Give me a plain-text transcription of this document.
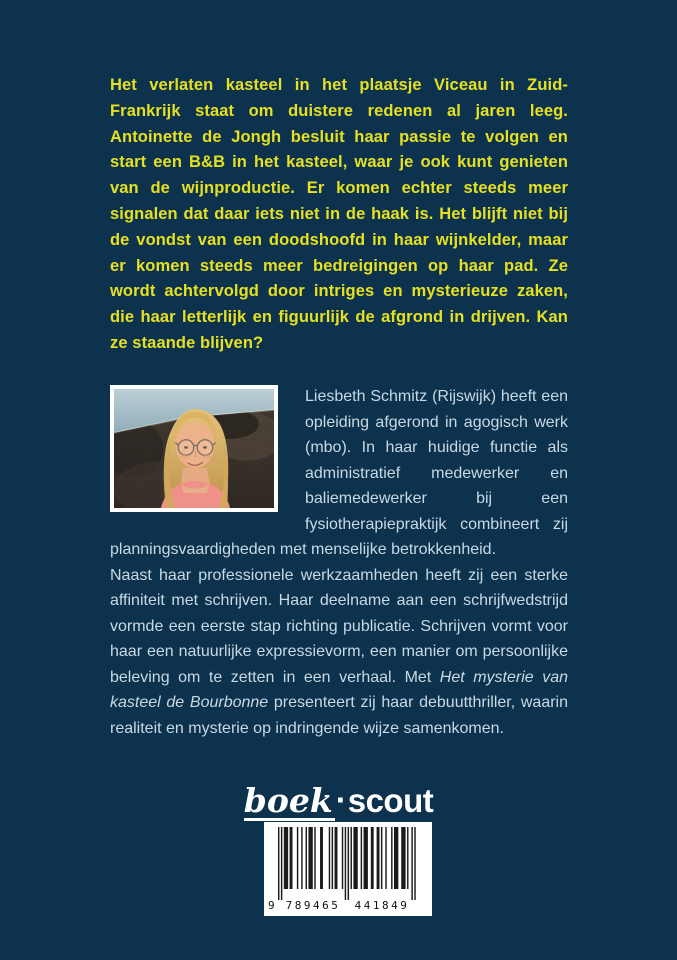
Het verlaten kasteel in het plaatsje Viceau in Zuid-Frankrijk staat om duistere redenen al jaren leeg. Antoinette de Jongh besluit haar passie te volgen en start een B&B in het kasteel, waar je ook kunt genieten van de wijnproductie. Er komen echter steeds meer signalen dat daar iets niet in de haak is. Het blijft niet bij de vondst van een doodshoofd in haar wijnkelder, maar er komen steeds meer bedreigingen op haar pad. Ze wordt achtervolgd door intriges en mysterieuze zaken, die haar letterlijk en figuurlijk de afgrond in drijven. Kan ze staande blijven?

Liesbeth Schmitz (Rijswijk) heeft een opleiding afgerond in agogisch werk (mbo). In haar huidige functie als administratief medewerker en baliemedewerker bij een fysiotherapiepraktijk combineert zij planningsvaardigheden met menselijke betrokkenheid.

Naast haar professionele werkzaamheden heeft zij een sterke affiniteit met schrijven. Haar deelname aan een schrijfwedstrijd vormde een eerste stap richting publicatie. Schrijven vormt voor haar een natuurlijke expressievorm, een manier om persoonlijke beleving om te zetten in een verhaal. Met Het mysterie van kasteel de Bourbonne presenteert zij haar debuutthriller, waarin realiteit en mysterie op indringende wijze samenkomen.

boek·scout
9 789465 441849
